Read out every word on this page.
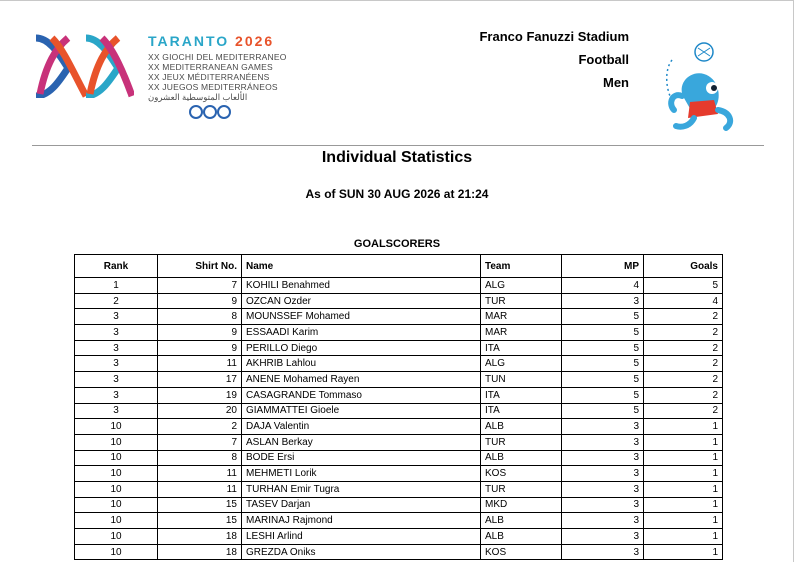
TARANTO 2026
XX GIOCHI DEL MEDITERRANEO
XX MEDITERRANEAN GAMES
XX JEUX MÉDITERRANÉENS
XX JUEGOS MEDITERRÁNEOS
الألعاب المتوسطية العشرون
Franco Fanuzzi Stadium
Football
Men
Individual Statistics
As of SUN 30 AUG 2026 at 21:24
GOALSCORERS
Rank	Shirt No.	Name	Team	MP	Goals
1	7	KOHILI Benahmed	ALG	4	5
2	9	OZCAN Ozder	TUR	3	4
3	8	MOUNSSEF Mohamed	MAR	5	2
3	9	ESSAADI Karim	MAR	5	2
3	9	PERILLO Diego	ITA	5	2
3	11	AKHRIB Lahlou	ALG	5	2
3	17	ANENE Mohamed Rayen	TUN	5	2
3	19	CASAGRANDE Tommaso	ITA	5	2
3	20	GIAMMATTEI Gioele	ITA	5	2
10	2	DAJA Valentin	ALB	3	1
10	7	ASLAN Berkay	TUR	3	1
10	8	BODE Ersi	ALB	3	1
10	11	MEHMETI Lorik	KOS	3	1
10	11	TURHAN Emir Tugra	TUR	3	1
10	15	TASEV Darjan	MKD	3	1
10	15	MARINAJ Rajmond	ALB	3	1
10	18	LESHI Arlind	ALB	3	1
10	18	GREZDA Oniks	KOS	3	1
